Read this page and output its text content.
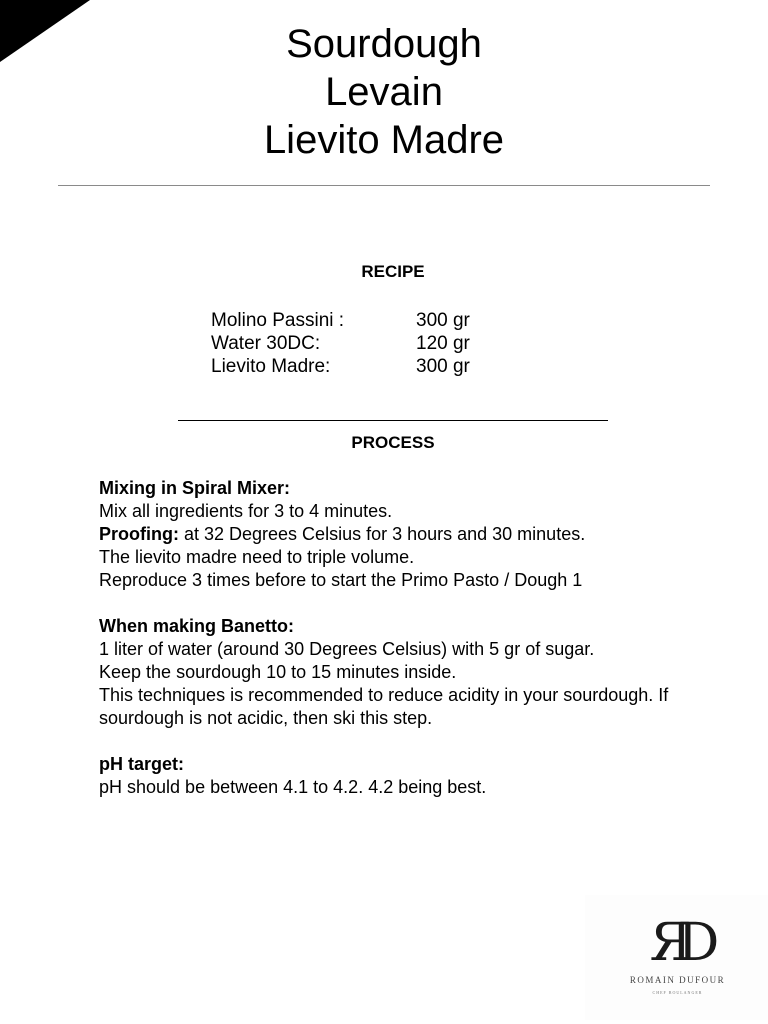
Sourdough
Levain
Lievito Madre
RECIPE
Molino Passini :	300 gr
Water 30DC:	120 gr
Lievito Madre:	300 gr
PROCESS

Mixing in Spiral Mixer:

Mix all ingredients for 3 to 4 minutes.

Proofing: at 32 Degrees Celsius for 3 hours and 30 minutes.

The lievito madre need to triple volume.

Reproduce 3 times before to start the Primo Pasto / Dough 1

When making Banetto:

1 liter of water (around 30 Degrees Celsius) with 5 gr of sugar.

Keep the sourdough 10 to 15 minutes inside.

This techniques is recommended to reduce acidity in your sourdough. If sourdough is not acidic, then ski this step.

pH target:

pH should be between 4.1 to 4.2. 4.2 being best.

ЯD
ROMAIN DUFOUR
CHEF BOULANGER
